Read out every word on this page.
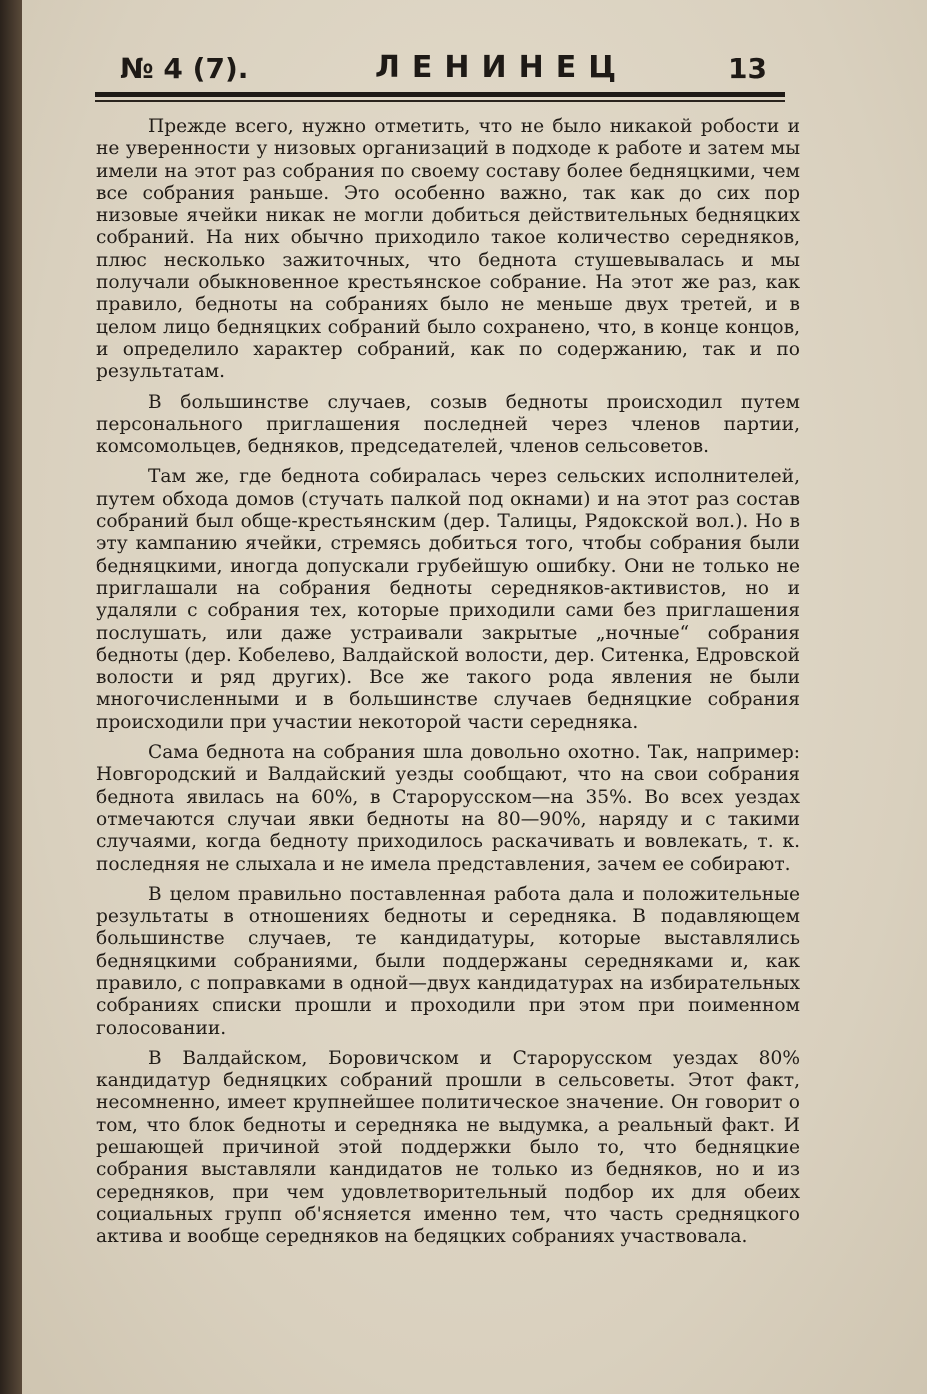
№ 4 (7).	ЛЕНИНЕЦ	13

Прежде всего, нужно отметить, что не было никакой робости и не уверенности у низовых организаций в подходе к работе и затем мы имели на этот раз собрания по своему составу более бедняцкими, чем все собрания раньше. Это особенно важно, так как до сих пор низовые ячейки никак не могли добиться действительных бедняцких собраний. На них обычно приходило такое количество середняков, плюс несколько зажиточных, что беднота стушевывалась и мы получали обыкновенное крестьянское собрание. На этот же раз, как правило, бедноты на собраниях было не меньше двух третей, и в целом лицо бедняцких собраний было сохранено, что, в конце концов, и определило характер собраний, как по содержанию, так и по результатам.

В большинстве случаев, созыв бедноты происходил путем персонального приглашения последней через членов партии, комсомольцев, бедняков, председателей, членов сельсоветов.

Там же, где беднота собиралась через сельских исполнителей, путем обхода домов (стучать палкой под окнами) и на этот раз состав собраний был обще-крестьянским (дер. Талицы, Рядокской вол.). Но в эту кампанию ячейки, стремясь добиться того, чтобы собрания были бедняцкими, иногда допускали грубейшую ошибку. Они не только не приглашали на собрания бедноты середняков-активистов, но и удаляли с собрания тех, которые приходили сами без приглашения послушать, или даже устраивали закрытые „ночные“ собрания бедноты (дер. Кобелево, Валдайской волости, дер. Ситенка, Едровской волости и ряд других). Все же такого рода явления не были многочисленными и в большинстве случаев бедняцкие собрания происходили при участии некоторой части середняка.

Сама беднота на собрания шла довольно охотно. Так, например: Новгородский и Валдайский уезды сообщают, что на свои собрания беднота явилась на 60%, в Старорусском—на 35%. Во всех уездах отмечаются случаи явки бедноты на 80—90%, наряду и с такими случаями, когда бедноту приходилось раскачивать и вовлекать, т. к. последняя не слыхала и не имела представления, зачем ее собирают.

В целом правильно поставленная работа дала и положительные результаты в отношениях бедноты и середняка. В подавляющем большинстве случаев, те кандидатуры, которые выставлялись бедняцкими собраниями, были поддержаны середняками и, как правило, с поправками в одной—двух кандидатурах на избирательных собраниях списки прошли и проходили при этом при поименном голосовании.

В Валдайском, Боровичском и Старорусском уездах 80% кандидатур бедняцких собраний прошли в сельсоветы. Этот факт, несомненно, имеет крупнейшее политическое значение. Он говорит о том, что блок бедноты и середняка не выдумка, а реальный факт. И решающей причиной этой поддержки было то, что бедняцкие собрания выставляли кандидатов не только из бедняков, но и из середняков, при чем удовлетворительный подбор их для обеих социальных групп об'ясняется именно тем, что часть средняцкого актива и вообще середняков на бедяцких собраниях участвовала.
